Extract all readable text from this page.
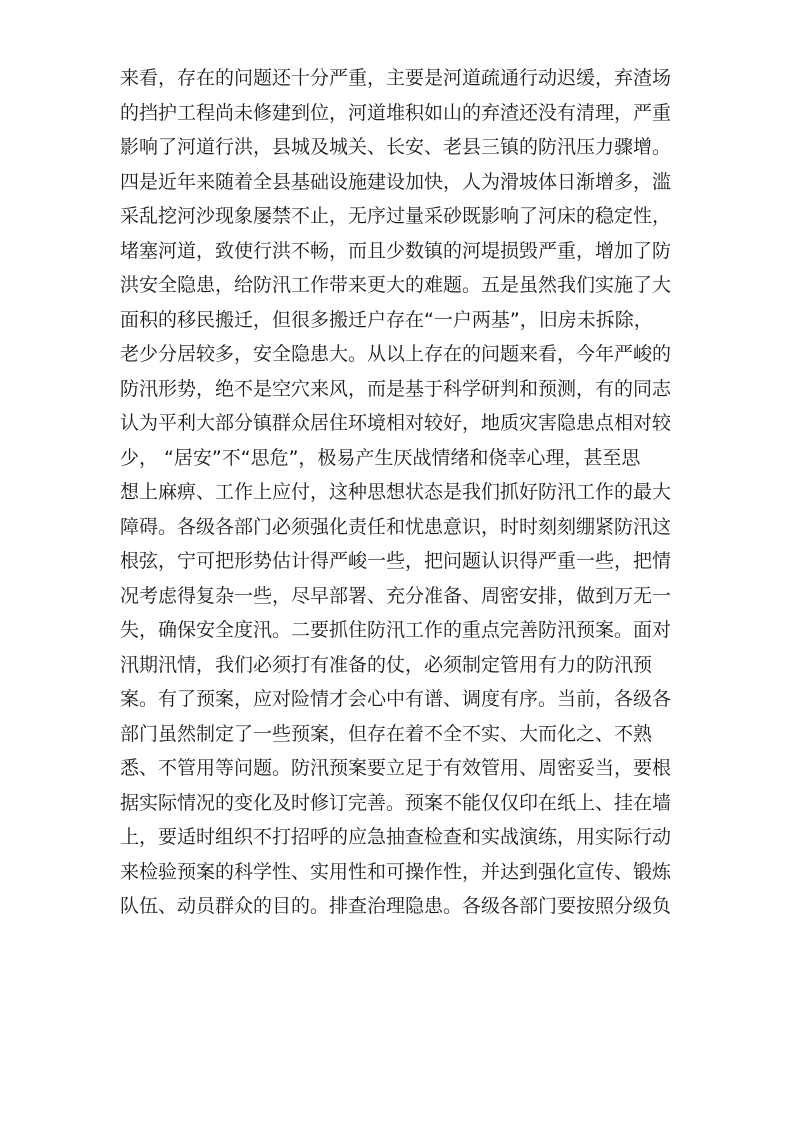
来看，存在的问题还十分严重，主要是河道疏通行动迟缓，弃渣场
的挡护工程尚未修建到位，河道堆积如山的弃渣还没有清理，严重
影响了河道行洪，县城及城关、长安、老县三镇的防汛压力骤增。
四是近年来随着全县基础设施建设加快，人为滑坡体日渐增多，滥
采乱挖河沙现象屡禁不止，无序过量采砂既影响了河床的稳定性，
堵塞河道，致使行洪不畅，而且少数镇的河堤损毁严重，增加了防
洪安全隐患，给防汛工作带来更大的难题。五是虽然我们实施了大
面积的移民搬迁，但很多搬迁户存在“一户两基”，旧房未拆除，
老少分居较多，安全隐患大。从以上存在的问题来看，今年严峻的
防汛形势，绝不是空穴来风，而是基于科学研判和预测，有的同志
认为平利大部分镇群众居住环境相对较好，地质灾害隐患点相对较
少， “居安”不“思危”，极易产生厌战情绪和侥幸心理，甚至思
想上麻痹、工作上应付，这种思想状态是我们抓好防汛工作的最大
障碍。各级各部门必须强化责任和忧患意识，时时刻刻绷紧防汛这
根弦，宁可把形势估计得严峻一些，把问题认识得严重一些，把情
况考虑得复杂一些，尽早部署、充分准备、周密安排，做到万无一
失，确保安全度汛。二要抓住防汛工作的重点完善防汛预案。面对
汛期汛情，我们必须打有准备的仗，必须制定管用有力的防汛预
案。有了预案，应对险情才会心中有谱、调度有序。当前，各级各
部门虽然制定了一些预案，但存在着不全不实、大而化之、不熟
悉、不管用等问题。防汛预案要立足于有效管用、周密妥当，要根
据实际情况的变化及时修订完善。预案不能仅仅印在纸上、挂在墙
上，要适时组织不打招呼的应急抽查检查和实战演练，用实际行动
来检验预案的科学性、实用性和可操作性，并达到强化宣传、锻炼
队伍、动员群众的目的。排查治理隐患。各级各部门要按照分级负
